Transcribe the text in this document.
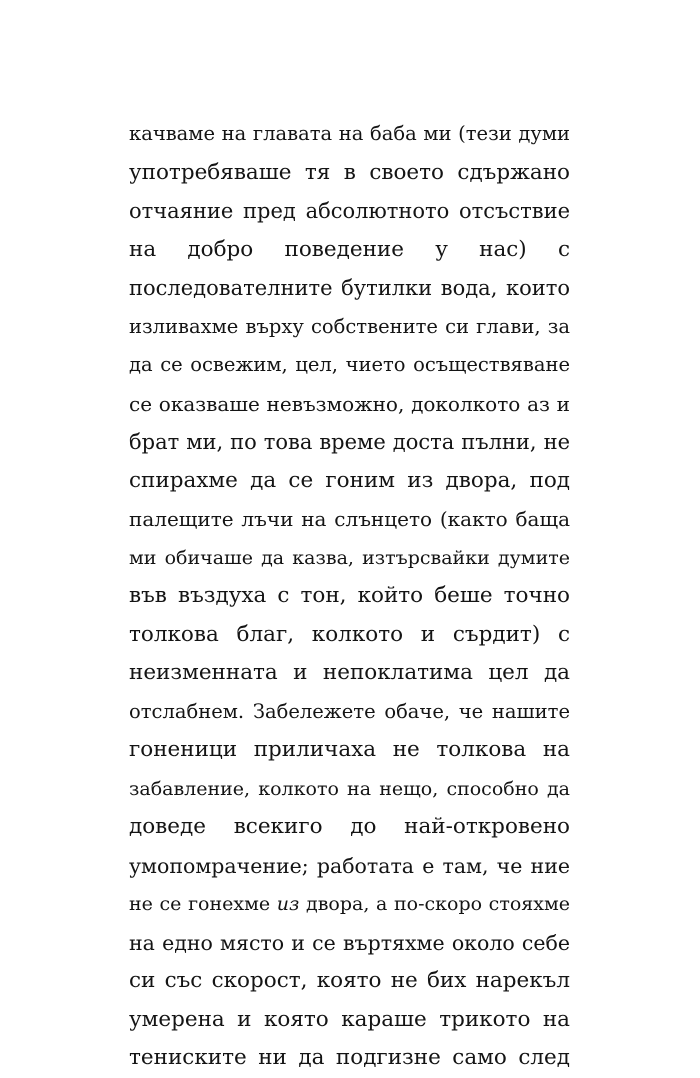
качваме на главата на баба ми (тези думи
употребяваше тя в своето сдържано
отчаяние пред абсолютното отсъствие
на добро поведение у нас) с
последователните бутилки вода, които
изливахме върху собствените си глави, за
да се освежим, цел, чието осъществяване
се оказваше невъзможно, доколкото аз и
брат ми, по това време доста пълни, не
спирахме да се гоним из двора, под
палещите лъчи на слънцето (както баща
ми обичаше да казва, изтърсвайки думите
във въздуха с тон, който беше точно
толкова благ, колкото и сърдит) с
неизменната и непоклатима цел да
отслабнем. Забележете обаче, че нашите
гоненици приличаха не толкова на
забавление, колкото на нещо, способно да
доведе всекиго до най-откровено
умопомрачение; работата е там, че ние
не се гонехме из двора, а по-скоро стояхме
на едно място и се въртяхме около себе
си със скорост, която не бих нарекъл
умерена и която караше трикото на
тениските ни да подгизне само след
